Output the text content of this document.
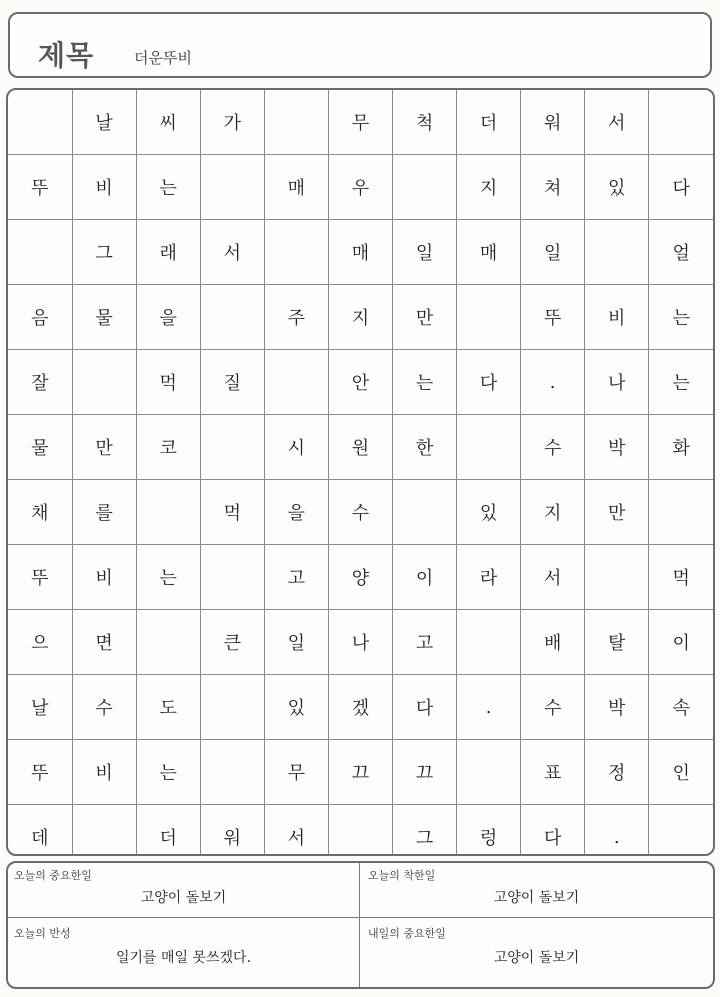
제목	더운뚜비
	날	씨	가		무	척	더	워	서	
뚜	비	는		매	우		지	쳐	있	다
	그	래	서		매	일	매	일		얼
음	물	을		주	지	만		뚜	비	는
잘		먹	질		안	는	다	.	나	는
물	만	코		시	원	한		수	박	화
채	를		먹	을	수		있	지	만	
뚜	비	는		고	양	이	라	서		먹
으	면		큰	일	나	고		배	탈	이
날	수	도		있	겠	다	.	수	박	속
뚜	비	는		무	끄	끄		표	정	인
데		더	워	서		그	렁	다	.	
오늘의 중요한일
고양이 돌보기
오늘의 착한일
고양이 돌보기
오늘의 반성
일기를 매일 못쓰겠다.
내일의 중요한일
고양이 돌보기
